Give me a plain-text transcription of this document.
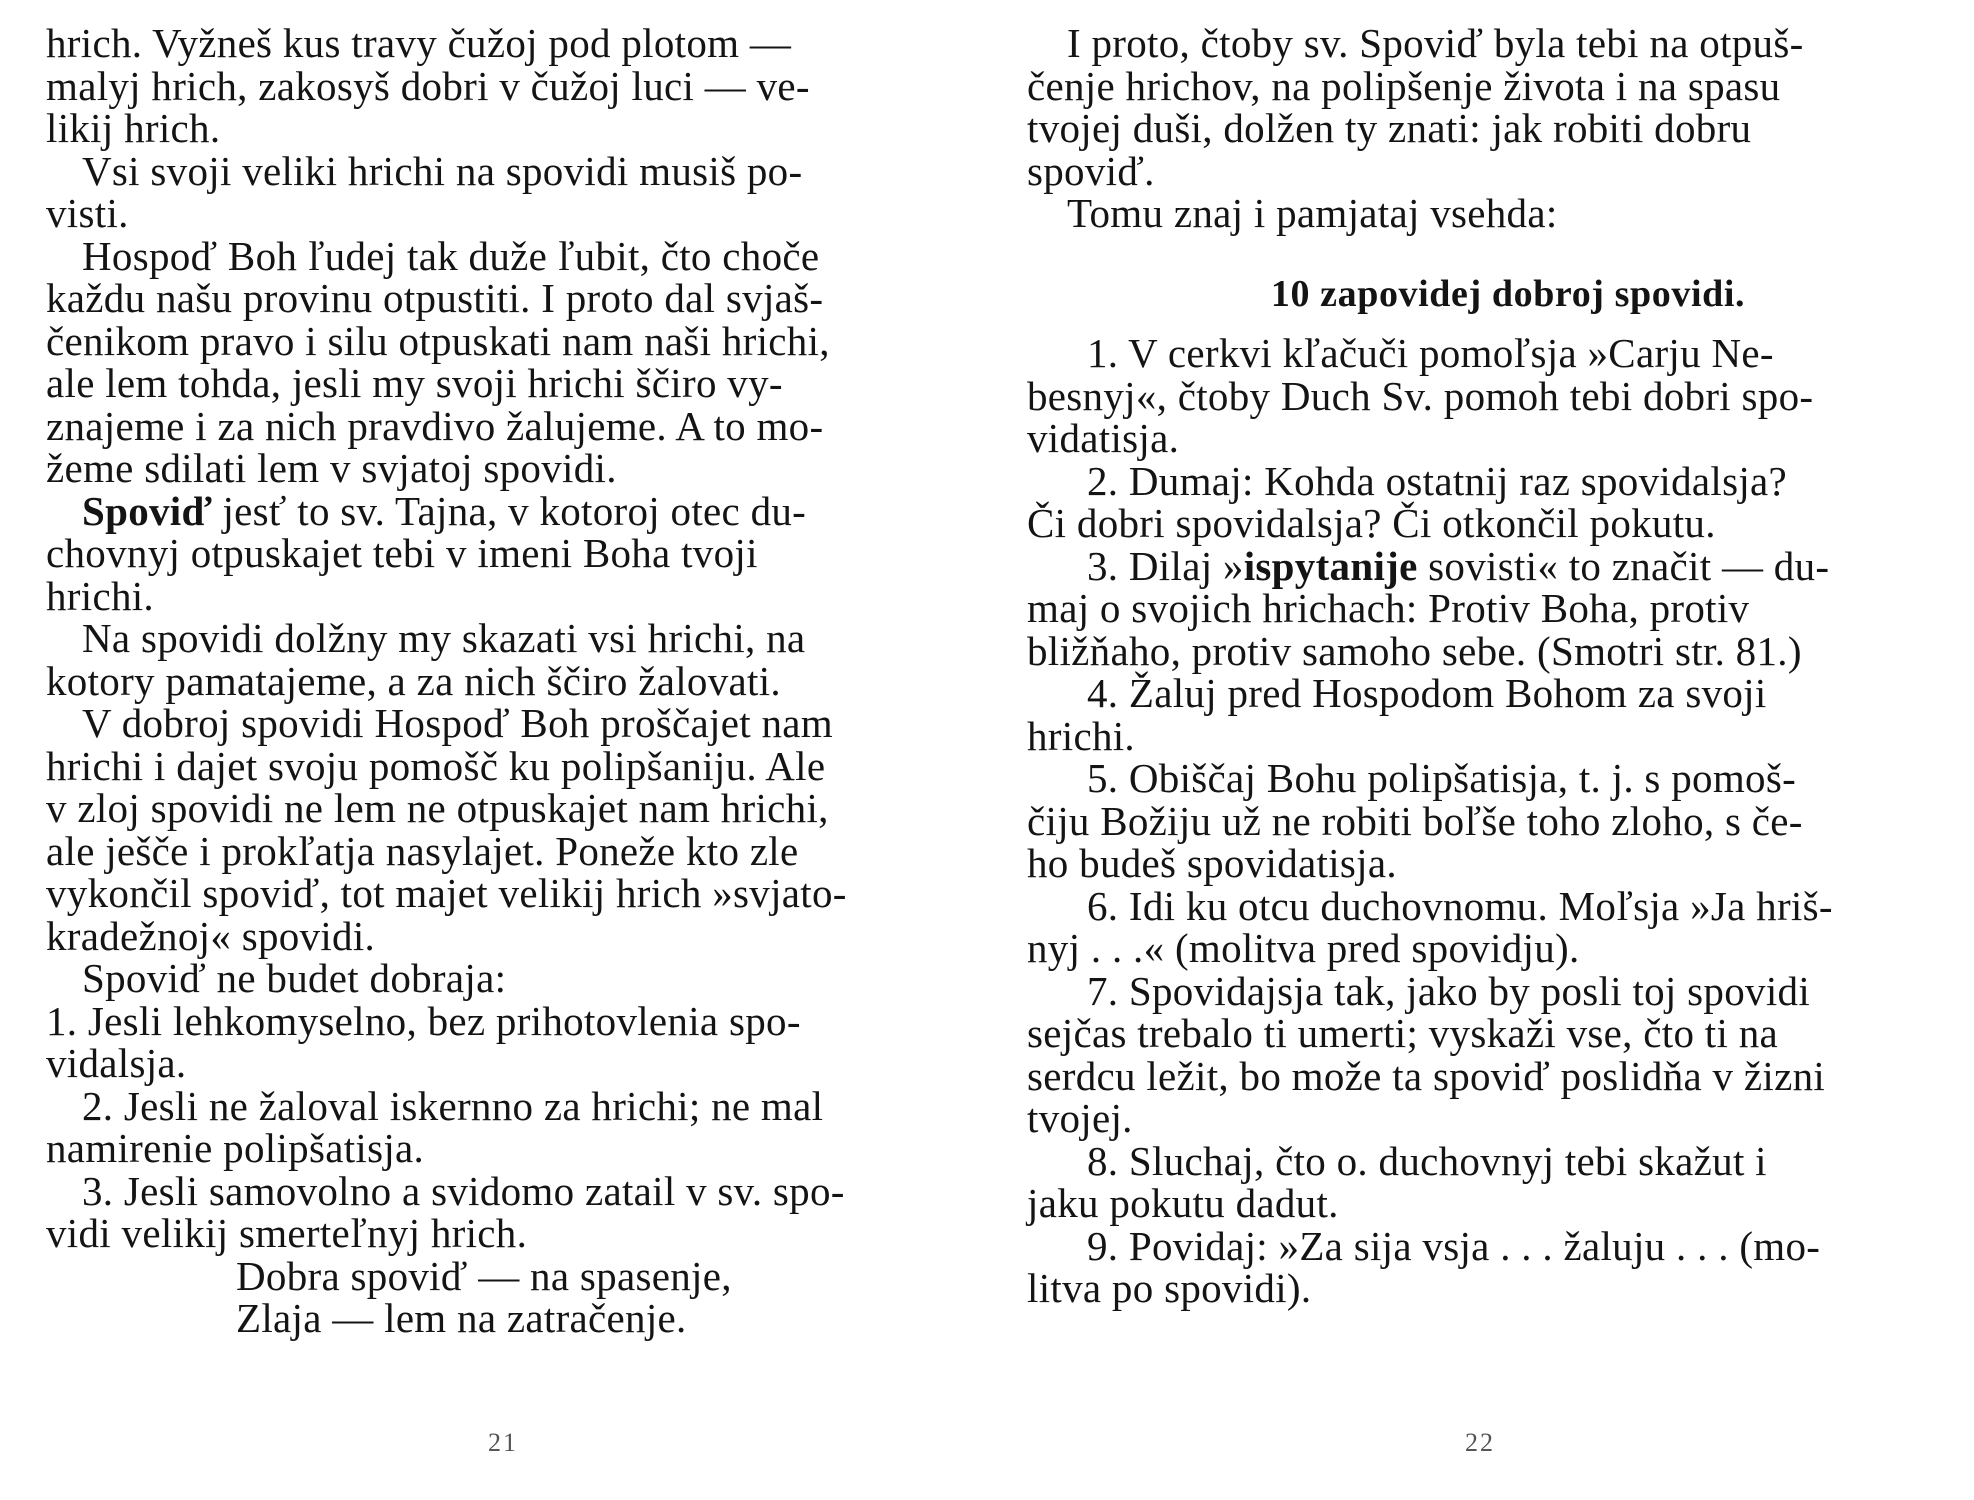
hrich. Vyžneš kus travy čužoj pod plotom —
malyj hrich, zakosyš dobri v čužoj luci — ve-
likij hrich.
Vsi svoji veliki hrichi na spovidi musiš po-
visti.
Hospoď Boh ľudej tak duže ľubit, čto choče
každu našu provinu otpustiti. I proto dal svjaš-
čenikom pravo i silu otpuskati nam naši hrichi,
ale lem tohda, jesli my svoji hrichi ščiro vy-
znajeme i za nich pravdivo žalujeme. A to mo-
žeme sdilati lem v svjatoj spovidi.
Spoviď jesť to sv. Tajna, v kotoroj otec du-
chovnyj otpuskajet tebi v imeni Boha tvoji
hrichi.
Na spovidi dolžny my skazati vsi hrichi, na
kotory pamatajeme, a za nich ščiro žalovati.
V dobroj spovidi Hospoď Boh proščajet nam
hrichi i dajet svoju pomošč ku polipšaniju. Ale
v zloj spovidi ne lem ne otpuskajet nam hrichi,
ale ješče i prokľatja nasylajet. Poneže kto zle
vykončil spoviď, tot majet velikij hrich »svjato-
kradežnoj« spovidi.
Spoviď ne budet dobraja:
1. Jesli lehkomyselno, bez prihotovlenia spo-
vidalsja.
2. Jesli ne žaloval iskernno za hrichi; ne mal
namirenie polipšatisja.
3. Jesli samovolno a svidomo zatail v sv. spo-
vidi velikij smerteľnyj hrich.
Dobra spoviď — na spasenje,
Zlaja — lem na zatračenje.
I proto, čtoby sv. Spoviď byla tebi na otpuš-
čenje hrichov, na polipšenje života i na spasu
tvojej duši, dolžen ty znati: jak robiti dobru
spoviď.
Tomu znaj i pamjataj vsehda:
10 zapovidej dobroj spovidi.
1. V cerkvi kľačuči pomoľsja »Carju Ne-
besnyj«, čtoby Duch Sv. pomoh tebi dobri spo-
vidatisja.
2. Dumaj: Kohda ostatnij raz spovidalsja?
Či dobri spovidalsja? Či otkončil pokutu.
3. Dilaj »ispytanije sovisti« to značit — du-
maj o svojich hrichach: Protiv Boha, protiv
bližňaho, protiv samoho sebe. (Smotri str. 81.)
4. Žaluj pred Hospodom Bohom za svoji
hrichi.
5. Obiščaj Bohu polipšatisja, t. j. s pomoš-
čiju Božiju už ne robiti boľše toho zloho, s če-
ho budeš spovidatisja.
6. Idi ku otcu duchovnomu. Moľsja »Ja hriš-
nyj . . .« (molitva pred spovidju).
7. Spovidajsja tak, jako by posli toj spovidi
sejčas trebalo ti umerti; vyskaži vse, čto ti na
serdcu ležit, bo može ta spoviď poslidňa v žizni
tvojej.
8. Sluchaj, čto o. duchovnyj tebi skažut i
jaku pokutu dadut.
9. Povidaj: »Za sija vsja . . . žaluju . . . (mo-
litva po spovidi).
21	22
